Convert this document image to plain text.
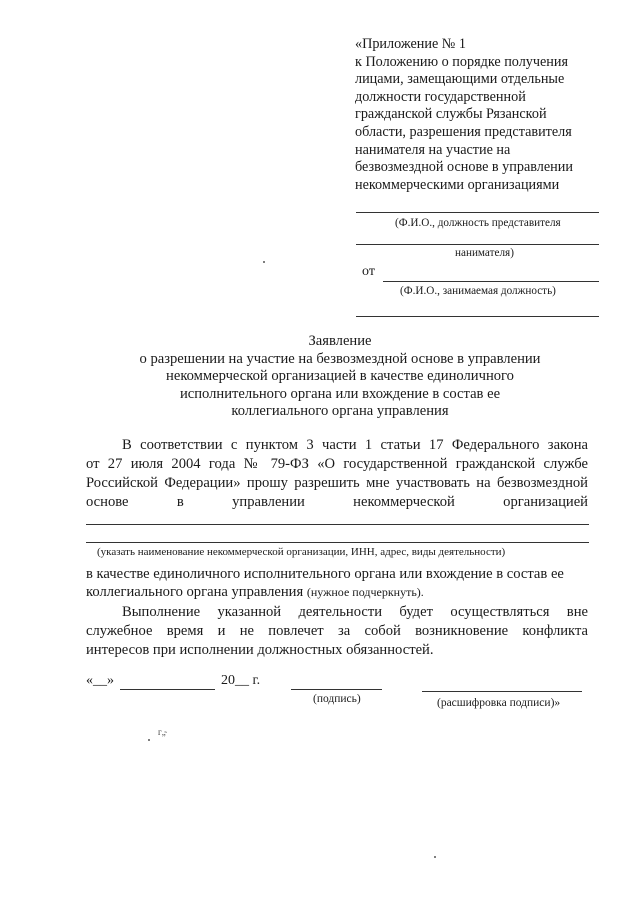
«Приложение № 1
к Положению о порядке получения
лицами, замещающими отдельные
должности государственной
гражданской службы Рязанской
области, разрешения представителя
нанимателя на участие на
безвозмездной основе в управлении
некоммерческими организациями
(Ф.И.О., должность представителя
нанимателя)
от
(Ф.И.О., занимаемая должность)
Заявление
о разрешении на участие на безвозмездной основе в управлении
некоммерческой организацией в качестве единоличного
исполнительного органа или вхождение в состав ее
коллегиального органа управления
В соответствии с пунктом 3 части 1 статьи 17 Федерального закона
от 27 июля 2004 года № 79-ФЗ «О государственной гражданской службе
Российской Федерации» прошу разрешить мне участвовать на безвозмездной
основе в управлении некоммерческой организацией
(указать наименование некоммерческой организации, ИНН, адрес, виды деятельности)
в качестве единоличного исполнительного органа или вхождение в состав ее
коллегиального органа управления (нужное подчеркнуть).
Выполнение указанной деятельности будет осуществляться вне
служебное время и не повлечет за собой возникновение конфликта
интересов при исполнении должностных обязанностей.
«__»	20__ г.
(подпись)	(расшифровка подписи)»
г„̴
